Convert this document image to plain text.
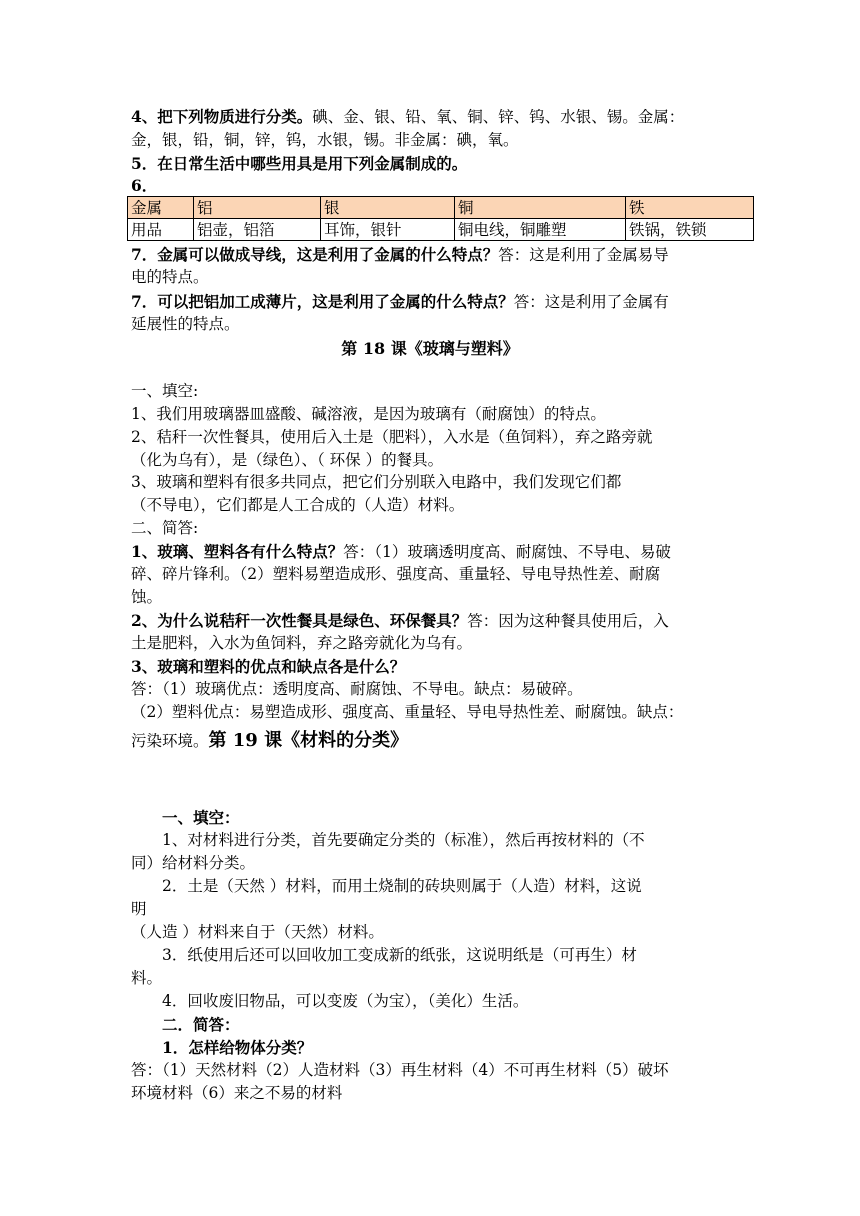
4、把下列物质进行分类。碘、金、银、铅、氧、铜、锌、钨、水银、锡。金属：
金，银，铅，铜，锌，钨，水银，锡。非金属：碘，氧。
5．在日常生活中哪些用具是用下列金属制成的。
6．
金属	铝	银	铜	铁
用品	铝壶，铝箔	耳饰，银针	铜电线，铜雕塑	铁锅，铁锁
7．金属可以做成导线，这是利用了金属的什么特点？答：这是利用了金属易导
电的特点。
7．可以把铝加工成薄片，这是利用了金属的什么特点？答：这是利用了金属有
延展性的特点。
第 18 课《玻璃与塑料》
一、填空:
1、我们用玻璃器皿盛酸、碱溶液，是因为玻璃有（耐腐蚀）的特点。
2、秸秆一次性餐具，使用后入土是（肥料），入水是（鱼饲料），弃之路旁就
（化为乌有），是（绿色）、（ 环保 ）的餐具。
3、玻璃和塑料有很多共同点，把它们分别联入电路中，我们发现它们都
（不导电），它们都是人工合成的（人造）材料。
二、简答:
1、玻璃、塑料各有什么特点？答：（1）玻璃透明度高、耐腐蚀、不导电、易破
碎、碎片锋利。（2）塑料易塑造成形、强度高、重量轻、导电导热性差、耐腐
蚀。
2、为什么说秸秆一次性餐具是绿色、环保餐具？答：因为这种餐具使用后，入
土是肥料，入水为鱼饲料，弃之路旁就化为乌有。
3、玻璃和塑料的优点和缺点各是什么？
答：（1）玻璃优点：透明度高、耐腐蚀、不导电。缺点：易破碎。
（2）塑料优点：易塑造成形、强度高、重量轻、导电导热性差、耐腐蚀。缺点：
污染环境。第 19 课《材料的分类》
一、填空：
1、对材料进行分类，首先要确定分类的（标准），然后再按材料的（不
同）给材料分类。
2．土是（天然 ）材料，而用土烧制的砖块则属于（人造）材料，这说
明
（人造 ）材料来自于（天然）材料。
3．纸使用后还可以回收加工变成新的纸张，这说明纸是（可再生）材
料。
4．回收废旧物品，可以变废（为宝），（美化）生活。
二．简答：
1．怎样给物体分类？
答：（1）天然材料（2）人造材料（3）再生材料（4）不可再生材料（5）破坏
环境材料（6）来之不易的材料
